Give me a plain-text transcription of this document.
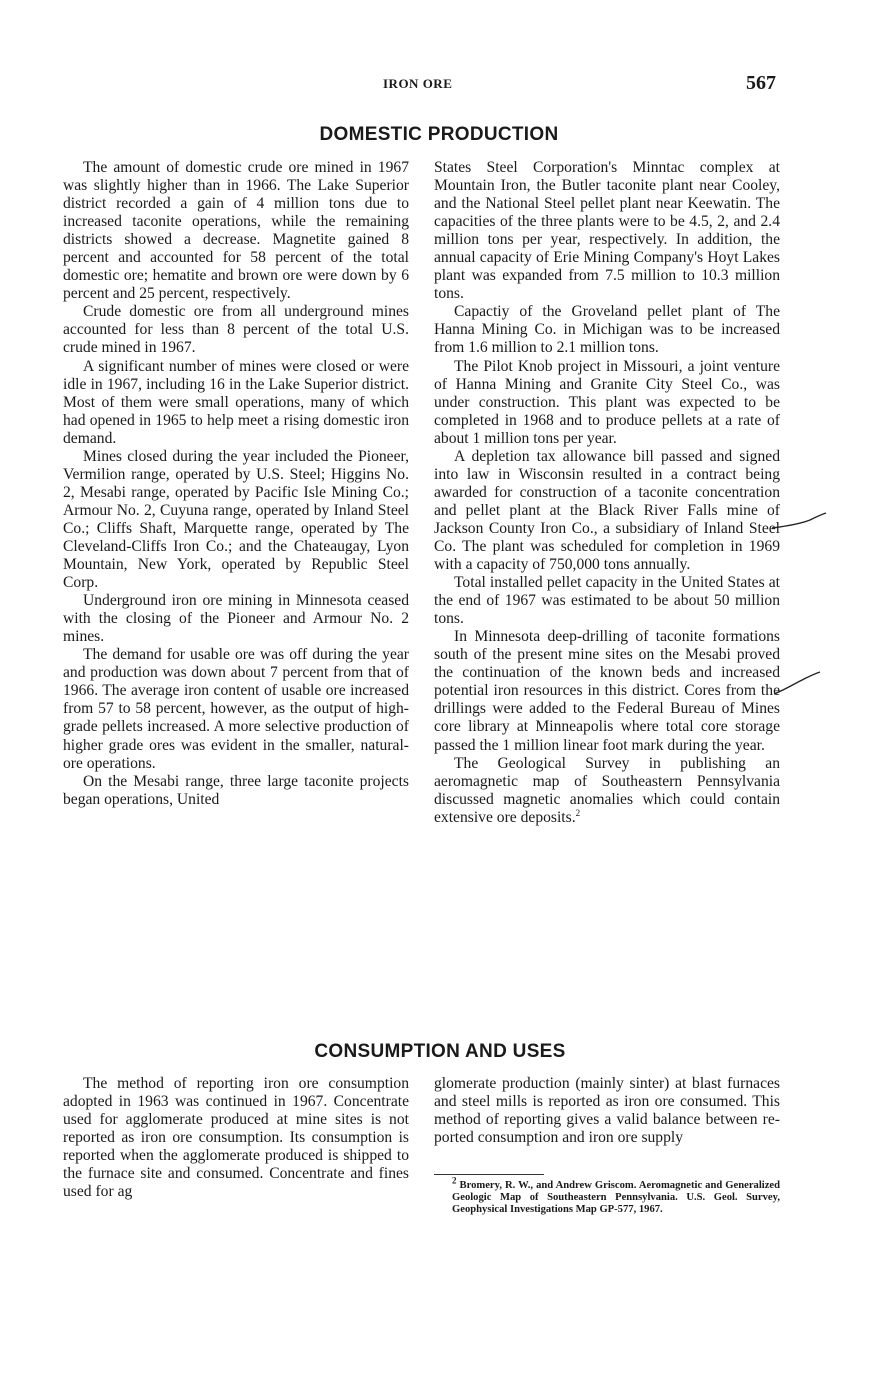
IRON ORE	567
DOMESTIC PRODUCTION

The amount of domestic crude ore mined in 1967 was slightly higher than in 1966. The Lake Superior district recorded a gain of 4 million tons due to increased taconite operations, while the remaining districts showed a decrease. Magnetite gained 8 percent and accounted for 58 percent of the total domestic ore; hematite and brown ore were down by 6 percent and 25 percent, respectively.

Crude domestic ore from all underground mines accounted for less than 8 percent of the total U.S. crude mined in 1967.

A significant number of mines were closed or were idle in 1967, including 16 in the Lake Superior district. Most of them were small operations, many of which had opened in 1965 to help meet a rising domestic iron demand.

Mines closed during the year included the Pioneer, Vermilion range, operated by U.S. Steel; Higgins No. 2, Mesabi range, operated by Pacific Isle Mining Co.; Armour No. 2, Cuyuna range, operated by Inland Steel Co.; Cliffs Shaft, Marquette range, operated by The Cleveland-Cliffs Iron Co.; and the Chateaugay, Lyon Mountain, New York, operated by Republic Steel Corp.

Underground iron ore mining in Minnesota ceased with the closing of the Pioneer and Armour No. 2 mines.

The demand for usable ore was off during the year and production was down about 7 percent from that of 1966. The average iron content of usable ore increased from 57 to 58 percent, however, as the output of high-grade pellets increased. A more selective production of higher grade ores was evident in the smaller, natural-ore operations.

On the Mesabi range, three large taconite projects began operations, United

States Steel Corporation's Minntac complex at Mountain Iron, the Butler taconite plant near Cooley, and the National Steel pellet plant near Keewatin. The capacities of the three plants were to be 4.5, 2, and 2.4 million tons per year, respectively. In addition, the annual capacity of Erie Mining Company's Hoyt Lakes plant was expanded from 7.5 million to 10.3 million tons.

Capactiy of the Groveland pellet plant of The Hanna Mining Co. in Michigan was to be increased from 1.6 million to 2.1 million tons.

The Pilot Knob project in Missouri, a joint venture of Hanna Mining and Granite City Steel Co., was under construction. This plant was expected to be completed in 1968 and to produce pellets at a rate of about 1 million tons per year.

A depletion tax allowance bill passed and signed into law in Wisconsin resulted in a contract being awarded for construction of a taconite concentration and pellet plant at the Black River Falls mine of Jackson County Iron Co., a subsidiary of Inland Steel Co. The plant was scheduled for completion in 1969 with a capacity of 750,000 tons annually.

Total installed pellet capacity in the United States at the end of 1967 was estimated to be about 50 million tons.

In Minnesota deep-drilling of taconite formations south of the present mine sites on the Mesabi proved the continuation of the known beds and increased potential iron resources in this district. Cores from the drillings were added to the Federal Bureau of Mines core library at Minneapolis where total core storage passed the 1 million linear foot mark during the year.

The Geological Survey in publishing an aeromagnetic map of Southeastern Pennsylvania discussed magnetic anomalies which could contain extensive ore deposits.$^2$

CONSUMPTION AND USES

The method of reporting iron ore consumption adopted in 1963 was continued in 1967. Concentrate used for agglomerate produced at mine sites is not reported as iron ore consumption. Its consumption is reported when the agglomerate produced is shipped to the furnace site and consumed. Concentrate and fines used for ag

glomerate production (mainly sinter) at blast furnaces and steel mills is reported as iron ore consumed. This method of reporting gives a valid balance between reported consumption and iron ore supply

$^2$ Bromery, R. W., and Andrew Griscom. Aeromagnetic and Generalized Geologic Map of Southeastern Pennsylvania. U.S. Geol. Survey, Geophysical Investigations Map GP-577, 1967.
